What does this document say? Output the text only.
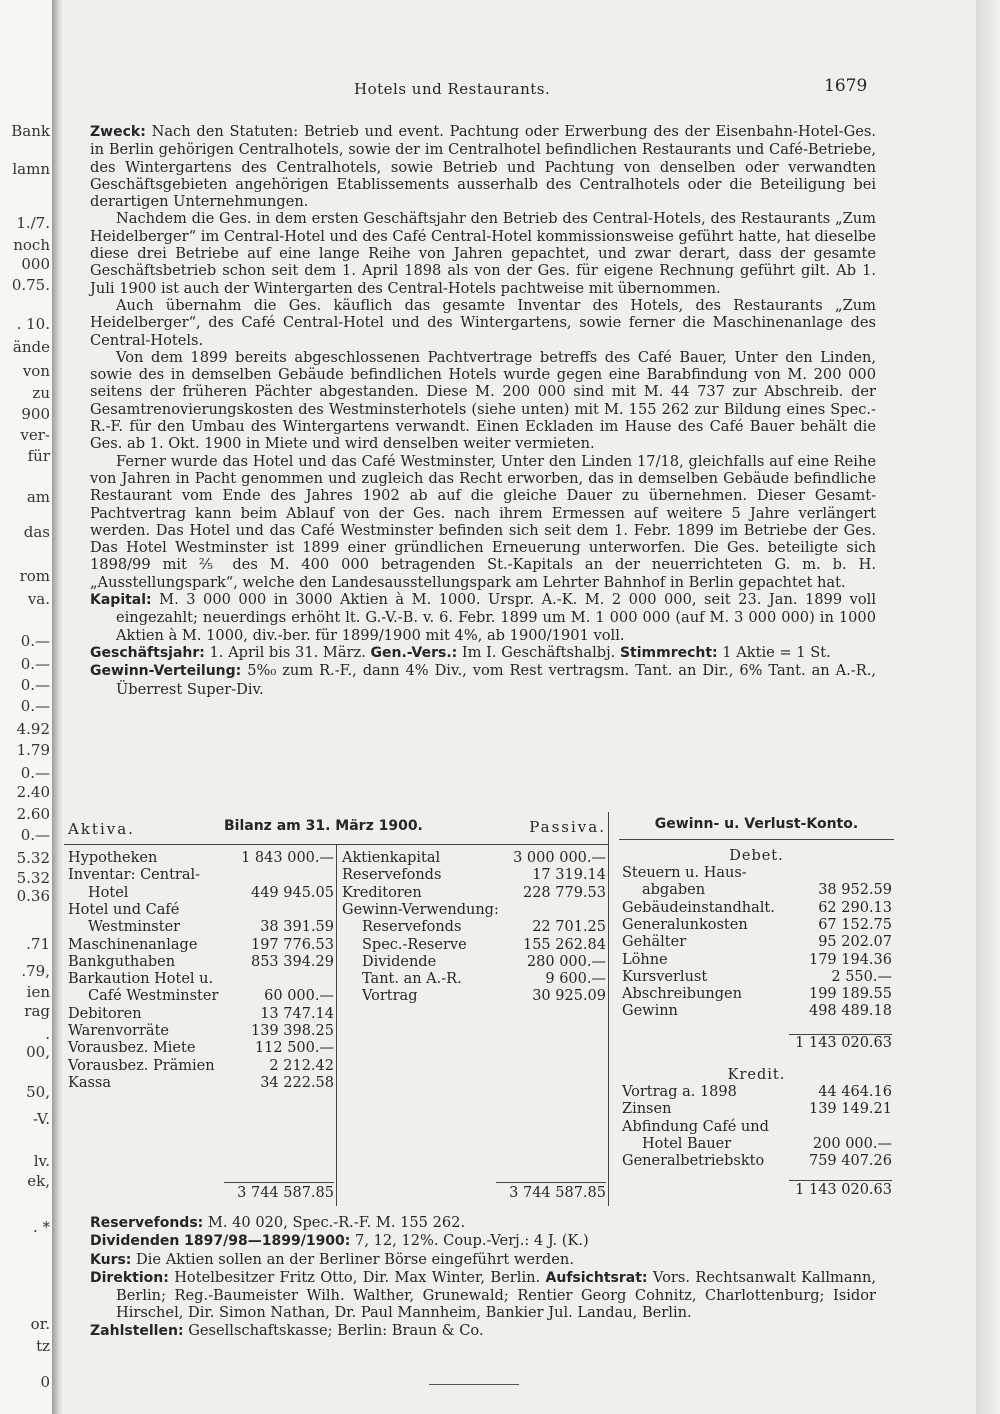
Bank
lamn
1./7.
noch
000
0.75.
. 10.
ände
von
zu
900
ver-
für
am
das
rom
va.
0.—
0.—
0.—
0.—
4.92
1.79
0.—
2.40
2.60
0.—
5.32
5.32
0.36
.71
.79,
ien
rag
.
00,
50,
-V.
lv.
ek,
. *
or.
tz
0
Hotels und Restaurants.	1679

Zweck: Nach den Statuten: Betrieb und event. Pachtung oder Erwerbung des der Eisenbahn-Hotel-Ges. in Berlin gehörigen Centralhotels, sowie der im Centralhotel befindlichen Restaurants und Café-Betriebe, des Wintergartens des Centralhotels, sowie Betrieb und Pachtung von denselben oder verwandten Geschäftsgebieten angehörigen Etablissements ausserhalb des Centralhotels oder die Beteiligung bei derartigen Unternehmungen.

Nachdem die Ges. in dem ersten Geschäftsjahr den Betrieb des Central-Hotels, des Restaurants „Zum Heidelberger“ im Central-Hotel und des Café Central-Hotel kommissionsweise geführt hatte, hat dieselbe diese drei Betriebe auf eine lange Reihe von Jahren gepachtet, und zwar derart, dass der gesamte Geschäftsbetrieb schon seit dem 1. April 1898 als von der Ges. für eigene Rechnung geführt gilt. Ab 1. Juli 1900 ist auch der Wintergarten des Central-Hotels pachtweise mit übernommen.

Auch übernahm die Ges. käuflich das gesamte Inventar des Hotels, des Restaurants „Zum Heidelberger“, des Café Central-Hotel und des Wintergartens, sowie ferner die Maschinenanlage des Central-Hotels.

Von dem 1899 bereits abgeschlossenen Pachtvertrage betreffs des Café Bauer, Unter den Linden, sowie des in demselben Gebäude befindlichen Hotels wurde gegen eine Barabfindung von M. 200 000 seitens der früheren Pächter abgestanden. Diese M. 200 000 sind mit M. 44 737 zur Abschreib. der Gesamtrenovierungskosten des Westminsterhotels (siehe unten) mit M. 155 262 zur Bildung eines Spec.-R.-F. für den Umbau des Wintergartens verwandt. Einen Eckladen im Hause des Café Bauer behält die Ges. ab 1. Okt. 1900 in Miete und wird denselben weiter vermieten.

Ferner wurde das Hotel und das Café Westminster, Unter den Linden 17/18, gleichfalls auf eine Reihe von Jahren in Pacht genommen und zugleich das Recht erworben, das in demselben Gebäude befindliche Restaurant vom Ende des Jahres 1902 ab auf die gleiche Dauer zu übernehmen. Dieser Gesamt-Pachtvertrag kann beim Ablauf von der Ges. nach ihrem Ermessen auf weitere 5 Jahre verlängert werden. Das Hotel und das Café Westminster befinden sich seit dem 1. Febr. 1899 im Betriebe der Ges. Das Hotel Westminster ist 1899 einer gründlichen Erneuerung unterworfen. Die Ges. beteiligte sich 1898/99 mit ⅖ des M. 400 000 betragenden St.-Kapitals an der neuerrichteten G. m. b. H. „Ausstellungspark“, welche den Landesausstellungspark am Lehrter Bahnhof in Berlin gepachtet hat.

Kapital: M. 3 000 000 in 3000 Aktien à M. 1000. Urspr. A.-K. M. 2 000 000, seit 23. Jan. 1899 voll eingezahlt; neuerdings erhöht lt. G.-V.-B. v. 6. Febr. 1899 um M. 1 000 000 (auf M. 3 000 000) in 1000 Aktien à M. 1000, div.-ber. für 1899/1900 mit 4%, ab 1900/1901 voll.

Geschäftsjahr: 1. April bis 31. März. Gen.-Vers.: Im I. Geschäftshalbj. Stimmrecht: 1 Aktie = 1 St.

Gewinn-Verteilung: 5%₀ zum R.-F., dann 4% Div., vom Rest vertragsm. Tant. an Dir., 6% Tant. an A.-R., Überrest Super-Div.

Aktiva.	Bilanz am 31. März 1900.	Passiva.
Hypotheken	1 843 000.—
Inventar: Central-
Hotel	449 945.05
Hotel und Café
Westminster	38 391.59
Maschinenanlage	197 776.53
Bankguthaben	853 394.29
Barkaution Hotel u.
Café Westminster	60 000.—
Debitoren	13 747.14
Warenvorräte	139 398.25
Vorausbez. Miete	112 500.—
Vorausbez. Prämien	2 212.42
Kassa	34 222.58
Aktienkapital	3 000 000.—
Reservefonds	17 319.14
Kreditoren	228 779.53
Gewinn-Verwendung:
Reservefonds	22 701.25
Spec.-Reserve	155 262.84
Dividende	280 000.—
Tant. an A.-R.	9 600.—
Vortrag	30 925.09
3 744 587.85	3 744 587.85
Gewinn- u. Verlust-Konto.
Debet.
Steuern u. Haus-
abgaben	38 952.59
Gebäudeinstandhalt.	62 290.13
Generalunkosten	67 152.75
Gehälter	95 202.07
Löhne	179 194.36
Kursverlust	2 550.—
Abschreibungen	199 189.55
Gewinn	498 489.18
1 143 020.63
Kredit.
Vortrag a. 1898	44 464.16
Zinsen	139 149.21
Abfindung Café und
Hotel Bauer	200 000.—
Generalbetriebskto	759 407.26
1 143 020.63

Reservefonds: M. 40 020, Spec.-R.-F. M. 155 262.

Dividenden 1897/98—1899/1900: 7, 12, 12%. Coup.-Verj.: 4 J. (K.)

Kurs: Die Aktien sollen an der Berliner Börse eingeführt werden.

Direktion: Hotelbesitzer Fritz Otto, Dir. Max Winter, Berlin. Aufsichtsrat: Vors. Rechtsanwalt Kallmann, Berlin; Reg.-Baumeister Wilh. Walther, Grunewald; Rentier Georg Cohnitz, Charlottenburg; Isidor Hirschel, Dir. Simon Nathan, Dr. Paul Mannheim, Bankier Jul. Landau, Berlin.

Zahlstellen: Gesellschaftskasse; Berlin: Braun & Co.
